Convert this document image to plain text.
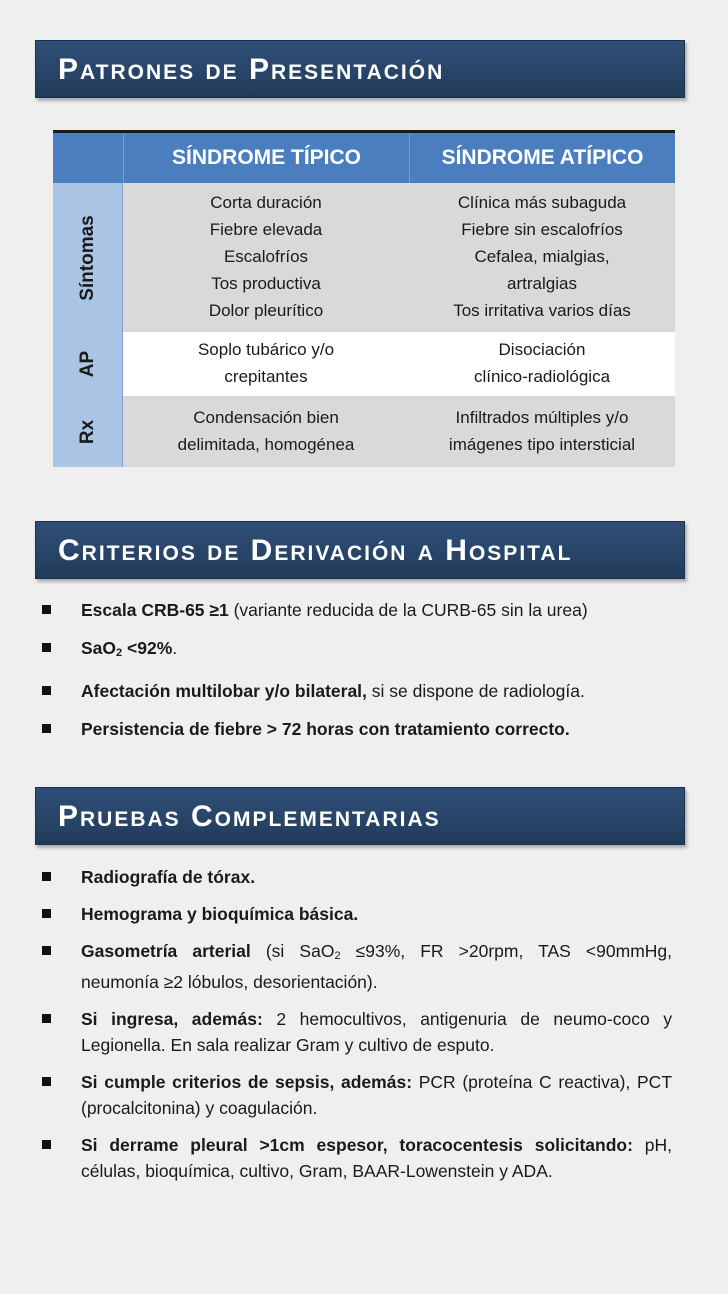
Patrones de Presentación
SÍNDROME TÍPICO	SÍNDROME ATÍPICO
Síntomas
Corta duración
Fiebre elevada
Escalofríos
Tos productiva
Dolor pleurítico
Clínica más subaguda
Fiebre sin escalofríos
Cefalea, mialgias,
artralgias
Tos irritativa varios días
AP
Soplo tubárico y/o
crepitantes
Disociación
clínico-radiológica
Rx
Condensación bien
delimitada, homogénea
Infiltrados múltiples y/o
imágenes tipo intersticial
Criterios de Derivación a Hospital
Escala CRB-65 ≥1 (variante reducida de la CURB-65 sin la urea)
SaO$_2$ <92%.
Afectación multilobar y/o bilateral, si se dispone de radiología.
Persistencia de fiebre > 72 horas con tratamiento correcto.
Pruebas Complementarias
Radiografía de tórax.
Hemograma y bioquímica básica.
Gasometría arterial (si SaO$_2$ ≤93%, FR >20rpm, TAS <90mmHg, neumonía ≥2 lóbulos, desorientación).
Si ingresa, además: 2 hemocultivos, antigenuria de neumo-coco y Legionella. En sala realizar Gram y cultivo de esputo.
Si cumple criterios de sepsis, además: PCR (proteína C reactiva), PCT (procalcitonina) y coagulación.
Si derrame pleural >1cm espesor, toracocentesis solicitando: pH, células, bioquímica, cultivo, Gram, BAAR-Lowenstein y ADA.
